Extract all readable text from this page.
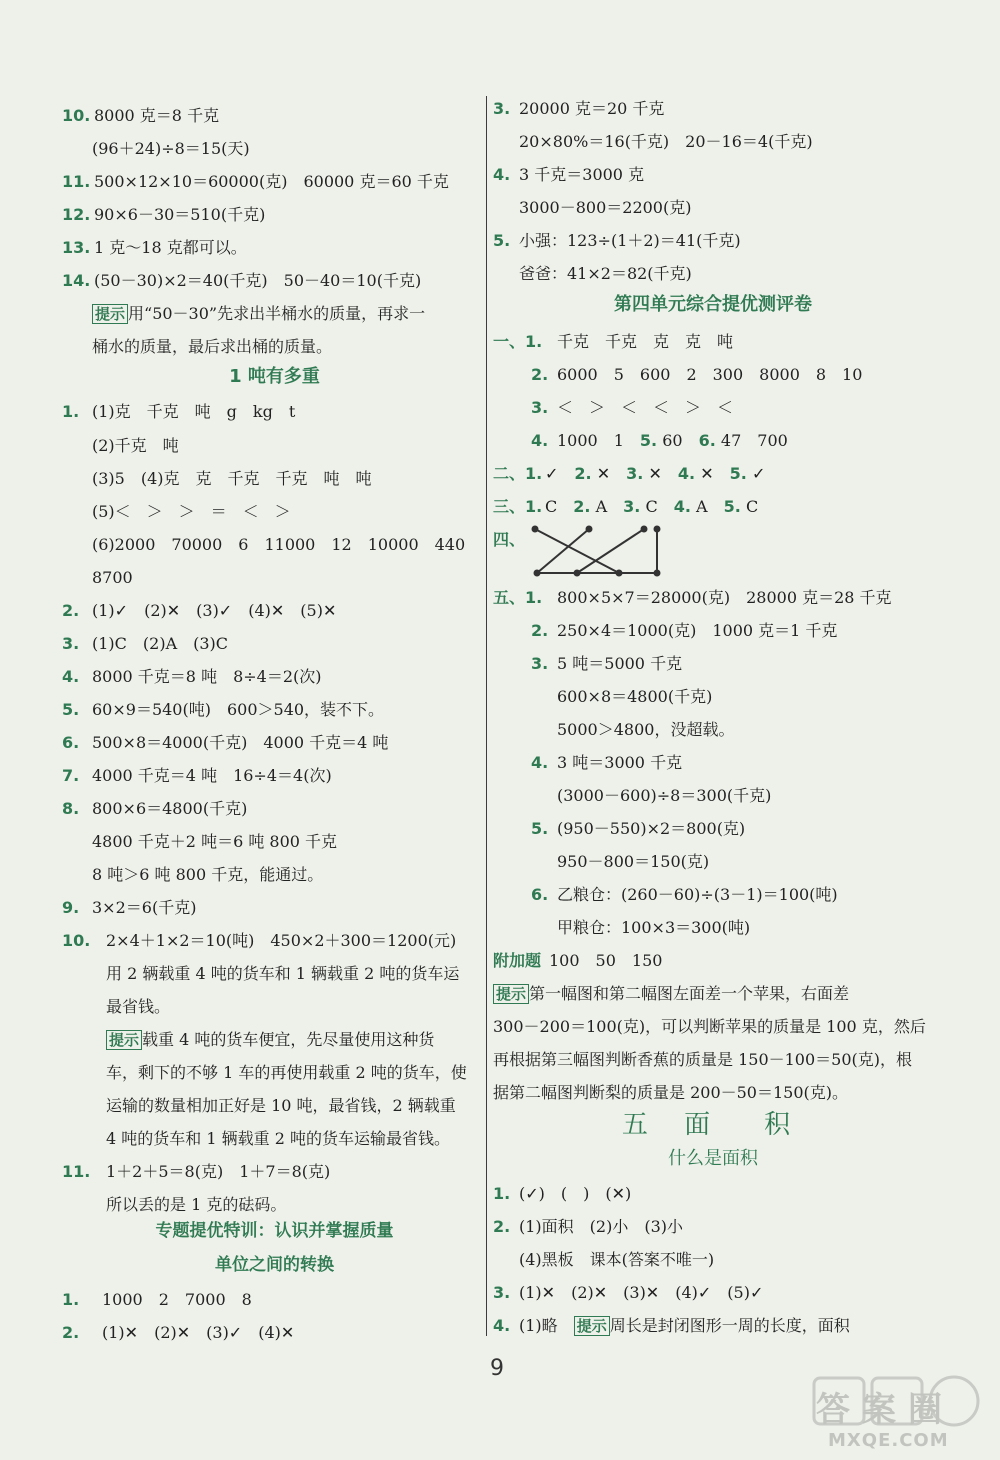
10. 8000 克＝8 千克
(96＋24)÷8＝15(天)
11. 500×12×10＝60000(克)　60000 克＝60 千克
12. 90×6－30＝510(千克)
13. 1 克～18 克都可以。
14. (50－30)×2＝40(千克)　50－40＝10(千克)
提示 用“50－30”先求出半桶水的质量，再求一
桶水的质量，最后求出桶的质量。
1 吨有多重
1. (1)克　千克　吨　g　kg　t
(2)千克　吨
(3)5　(4)克　克　千克　千克　吨　吨
(5)＜　＞　＞　＝　＜　＞
(6)2000　70000　6　11000　12　10000　440
8700
2. (1)✓　(2)✕　(3)✓　(4)✕　(5)✕
3. (1)C　(2)A　(3)C
4. 8000 千克＝8 吨　8÷4＝2(次)
5. 60×9＝540(吨)　600＞540，装不下。
6. 500×8＝4000(千克)　4000 千克＝4 吨
7. 4000 千克＝4 吨　16÷4＝4(次)
8. 800×6＝4800(千克)
4800 千克＋2 吨＝6 吨 800 千克
8 吨＞6 吨 800 千克，能通过。
9. 3×2＝6(千克)
10. 2×4＋1×2＝10(吨)　450×2＋300＝1200(元)
用 2 辆载重 4 吨的货车和 1 辆载重 2 吨的货车运
最省钱。
提示 载重 4 吨的货车便宜，先尽量使用这种货
车，剩下的不够 1 车的再使用载重 2 吨的货车，使
运输的数量相加正好是 10 吨，最省钱，2 辆载重
4 吨的货车和 1 辆载重 2 吨的货车运输最省钱。
11. 1＋2＋5＝8(克)　1＋7＝8(克)
所以丢的是 1 克的砝码。
专题提优特训：认识并掌握质量
单位之间的转换
1. 1000　2　7000　8
2. (1)✕　(2)✕　(3)✓　(4)✕
3. 20000 克＝20 千克
20×80%＝16(千克)　20－16＝4(千克)
4. 3 千克＝3000 克
3000－800＝2200(克)
5. 小强：123÷(1＋2)＝41(千克)
爸爸：41×2＝82(千克)
第四单元综合提优测评卷
一、1. 千克　千克　克　克　吨
2. 6000　5　600　2　300　8000　8　10
3. ＜　＞　＜　＜　＞　＜
4. 1000　1　 5. 60　 6. 47　700
二、1. ✓　 2. ✕　 3. ✕　 4. ✕　 5. ✓
三、1. C　 2. A　 3. C　 4. A　 5. C
四、
五、1. 800×5×7＝28000(克)　28000 克＝28 千克
2. 250×4＝1000(克)　1000 克＝1 千克
3. 5 吨＝5000 千克
600×8＝4800(千克)
5000＞4800，没超载。
4. 3 吨＝3000 千克
(3000－600)÷8＝300(千克)
5. (950－550)×2＝800(克)
950－800＝150(克)
6. 乙粮仓：(260－60)÷(3－1)＝100(吨)
甲粮仓：100×3＝300(吨)
附加题 100　50　150
提示 第一幅图和第二幅图左面差一个苹果，右面差
300－200＝100(克)，可以判断苹果的质量是 100 克，然后
再根据第三幅图判断香蕉的质量是 150－100＝50(克)，根
据第二幅图判断梨的质量是 200－50＝150(克)。
五 面　积
什么是面积
1. (✓)　(　)　(✕)
2. (1)面积　(2)小　(3)小
(4)黑板　课本(答案不唯一)
3. (1)✕　(2)✕　(3)✕　(4)✓　(5)✓
4. (1)略　 提示 周长是封闭图形一周的长度，面积
9
答案圈
MXQE.COM
